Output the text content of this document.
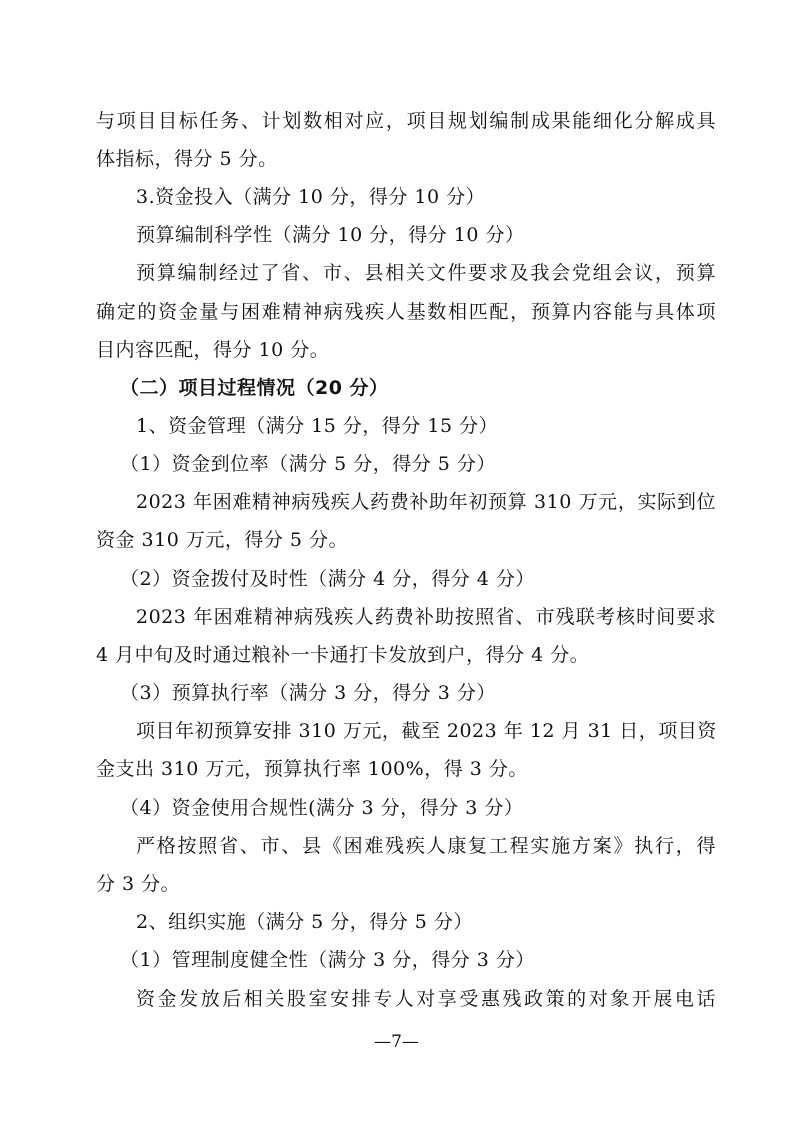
与项目目标任务、计划数相对应，项目规划编制成果能细化分解成具
体指标，得分 5 分。
3.资金投入（满分 10 分，得分 10 分）
预算编制科学性（满分 10 分，得分 10 分）
预算编制经过了省、市、县相关文件要求及我会党组会议，预算
确定的资金量与困难精神病残疾人基数相匹配，预算内容能与具体项
目内容匹配，得分 10 分。
（二）项目过程情况（20 分）
1、资金管理（满分 15 分，得分 15 分）
（1）资金到位率（满分 5 分，得分 5 分）
2023 年困难精神病残疾人药费补助年初预算 310 万元，实际到位
资金 310 万元，得分 5 分。
（2）资金拨付及时性（满分 4 分，得分 4 分）
2023 年困难精神病残疾人药费补助按照省、市残联考核时间要求
4 月中旬及时通过粮补一卡通打卡发放到户，得分 4 分。
（3）预算执行率（满分 3 分，得分 3 分）
项目年初预算安排 310 万元，截至 2023 年 12 月 31 日，项目资
金支出 310 万元，预算执行率 100%，得 3 分。
（4）资金使用合规性(满分 3 分，得分 3 分）
严格按照省、市、县《困难残疾人康复工程实施方案》执行，得
分 3 分。
2、组织实施（满分 5 分，得分 5 分）
（1）管理制度健全性（满分 3 分，得分 3 分）
资金发放后相关股室安排专人对享受惠残政策的对象开展电话
—7—
